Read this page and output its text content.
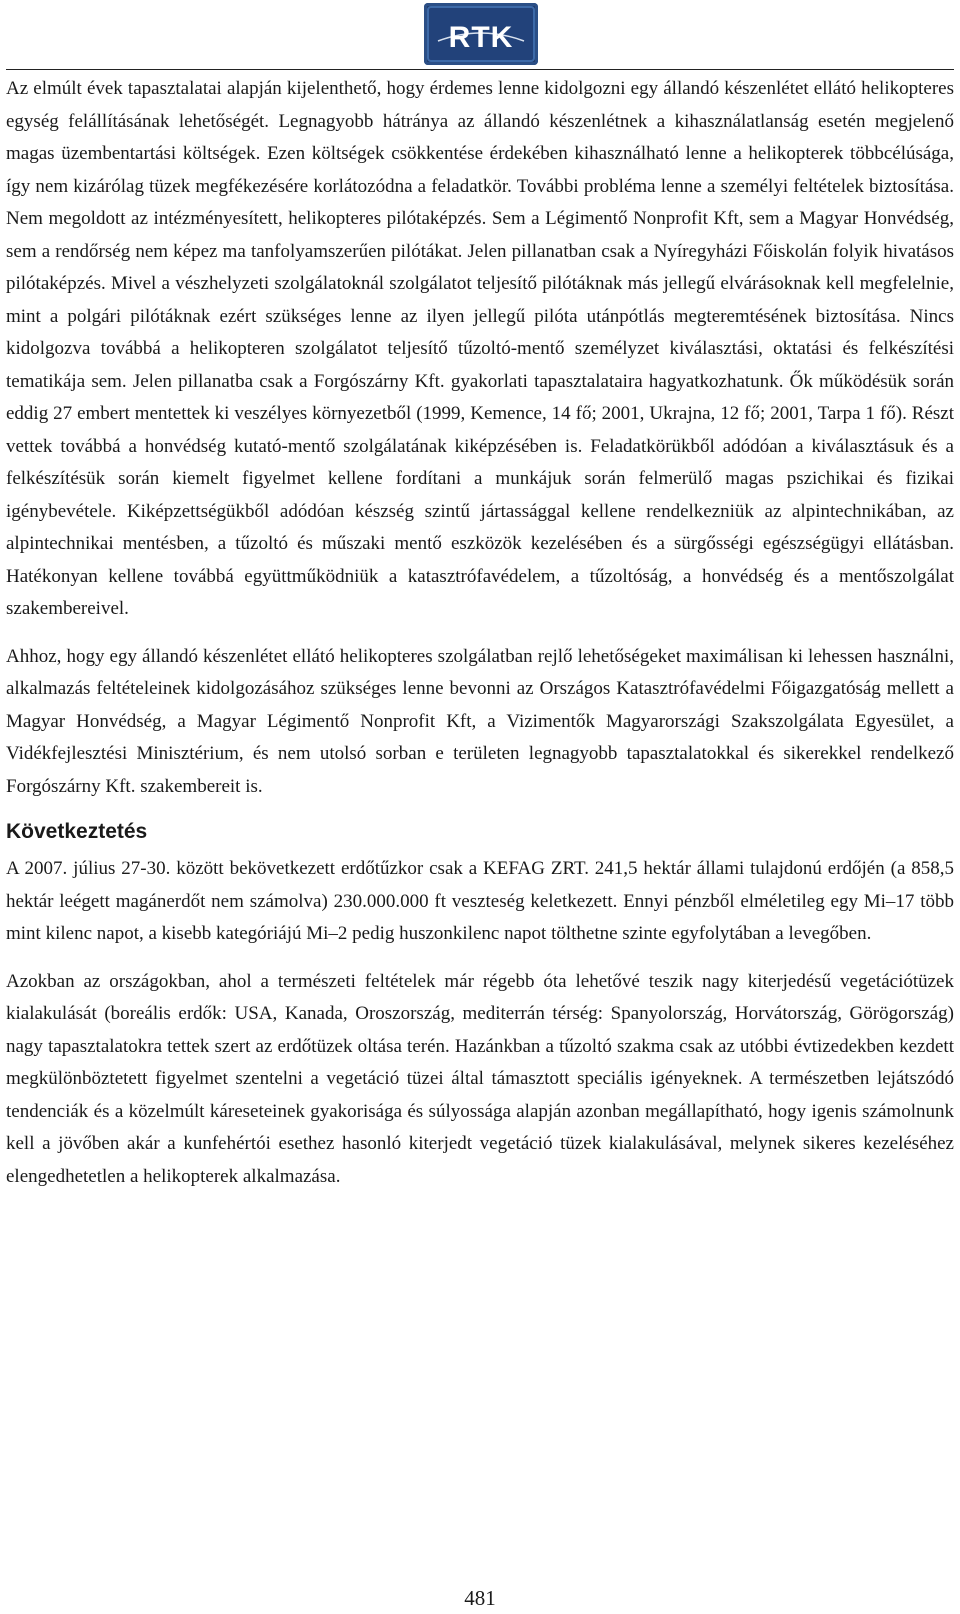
RTK

Az elmúlt évek tapasztalatai alapján kijelenthető, hogy érdemes lenne kidolgozni egy állandó készenlétet ellátó helikopteres egység felállításának lehetőségét. Legnagyobb hátránya az állandó készenlétnek a kihasználatlanság esetén megjelenő magas üzembentartási költségek. Ezen költségek csökkentése érdekében kihasználható lenne a helikopterek többcélúsága, így nem kizárólag tüzek megfékezésére korlátozódna a feladatkör. További probléma lenne a személyi feltételek biztosítása. Nem megoldott az intézményesített, helikopteres pilótaképzés. Sem a Légimentő Nonprofit Kft, sem a Magyar Honvédség, sem a rendőrség nem képez ma tanfolyamszerűen pilótákat. Jelen pillanatban csak a Nyíregyházi Főiskolán folyik hivatásos pilótaképzés. Mivel a vészhelyzeti szolgálatoknál szolgálatot teljesítő pilótáknak más jellegű elvárásoknak kell megfelelnie, mint a polgári pilótáknak ezért szükséges lenne az ilyen jellegű pilóta utánpótlás megteremtésének biztosítása. Nincs kidolgozva továbbá a helikopteren szolgálatot teljesítő tűzoltó-mentő személyzet kiválasztási, oktatási és felkészítési tematikája sem. Jelen pillanatba csak a Forgószárny Kft. gyakorlati tapasztalataira hagyatkozhatunk. Ők működésük során eddig 27 embert mentettek ki veszélyes környezetből (1999, Kemence, 14 fő; 2001, Ukrajna, 12 fő; 2001, Tarpa 1 fő). Részt vettek továbbá a honvédség kutató-mentő szolgálatának kiképzésében is. Feladatkörükből adódóan a kiválasztásuk és a felkészítésük során kiemelt figyelmet kellene fordítani a munkájuk során felmerülő magas pszichikai és fizikai igénybevétele. Kiképzettségükből adódóan készség szintű jártassággal kellene rendelkezniük az alpintechnikában, az alpintechnikai mentésben, a tűzoltó és műszaki mentő eszközök kezelésében és a sürgősségi egészségügyi ellátásban. Hatékonyan kellene továbbá együttműködniük a katasztrófavédelem, a tűzoltóság, a honvédség és a mentőszolgálat szakembereivel.

Ahhoz, hogy egy állandó készenlétet ellátó helikopteres szolgálatban rejlő lehetőségeket maximálisan ki lehessen használni, alkalmazás feltételeinek kidolgozásához szükséges lenne bevonni az Országos Katasztrófavédelmi Főigazgatóság mellett a Magyar Honvédség, a Magyar Légimentő Nonprofit Kft, a Vizimentők Magyarországi Szakszolgálata Egyesület, a Vidékfejlesztési Minisztérium, és nem utolsó sorban e területen legnagyobb tapasztalatokkal és sikerekkel rendelkező Forgószárny Kft. szakembereit is.

Következtetés

A 2007. július 27-30. között bekövetkezett erdőtűzkor csak a KEFAG ZRT. 241,5 hektár állami tulajdonú erdőjén (a 858,5 hektár leégett magánerdőt nem számolva) 230.000.000 ft veszteség keletkezett. Ennyi pénzből elméletileg egy Mi–17 több mint kilenc napot, a kisebb kategóriájú Mi–2 pedig huszonkilenc napot tölthetne szinte egyfolytában a levegőben.

Azokban az országokban, ahol a természeti feltételek már régebb óta lehetővé teszik nagy kiterjedésű vegetációtüzek kialakulását (boreális erdők: USA, Kanada, Oroszország, mediterrán térség: Spanyolország, Horvátország, Görögország) nagy tapasztalatokra tettek szert az erdőtüzek oltása terén. Hazánkban a tűzoltó szakma csak az utóbbi évtizedekben kezdett megkülönböztetett figyelmet szentelni a vegetáció tüzei által támasztott speciális igényeknek. A természetben lejátszódó tendenciák és a közelmúlt káreseteinek gyakorisága és súlyossága alapján azonban megállapítható, hogy igenis számolnunk kell a jövőben akár a kunfehértói esethez hasonló kiterjedt vegetáció tüzek kialakulásával, melynek sikeres kezeléséhez elengedhetetlen a helikopterek alkalmazása.

481
